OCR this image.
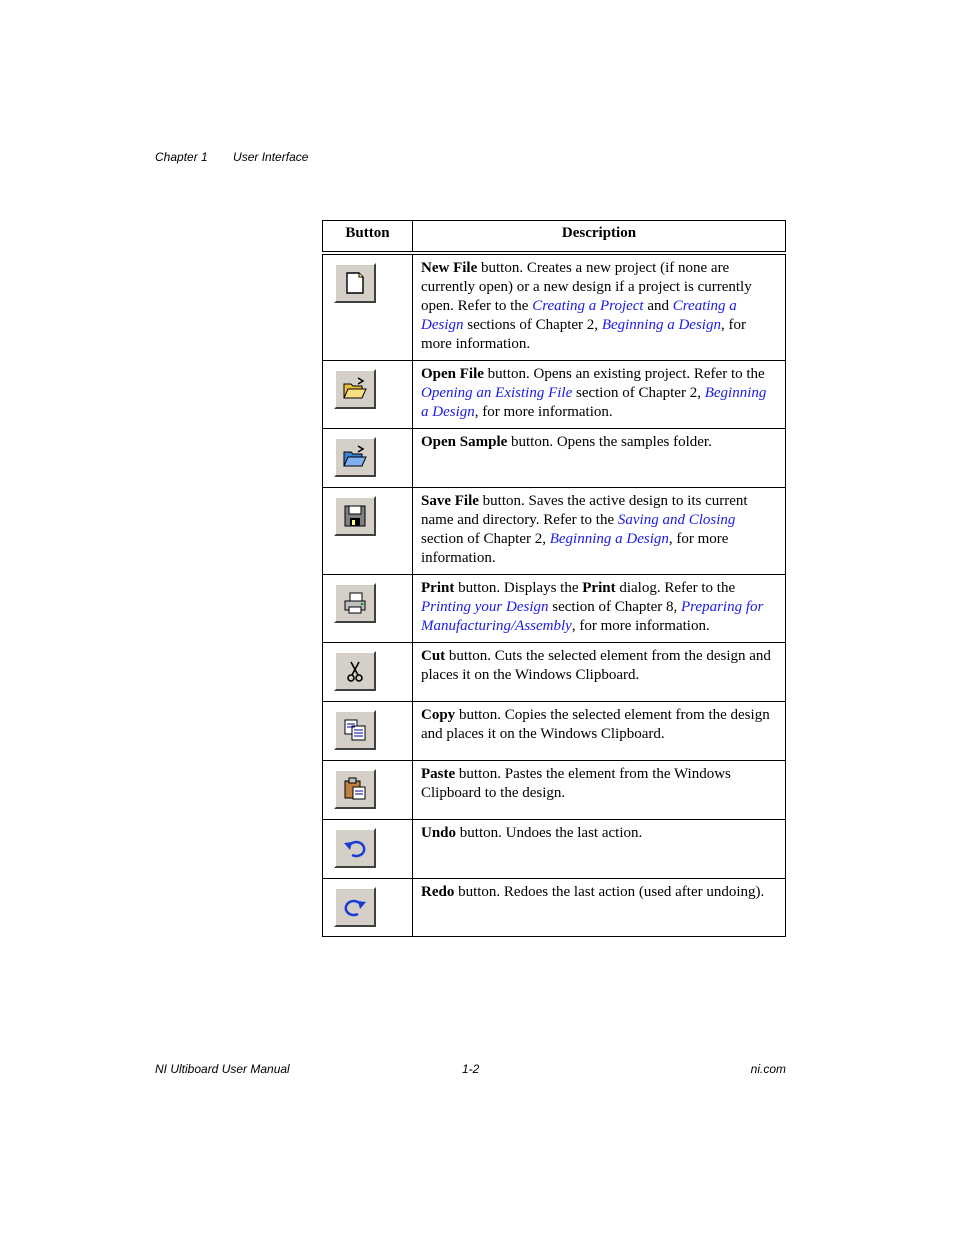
Chapter 1 User Interface
Button	Description

	New File button. Creates a new project (if none are currently open) or a new design if a project is currently open. Refer to the Creating a Project and Creating a Design sections of Chapter 2, Beginning a Design, for more information.

	Open File button. Opens an existing project. Refer to the Opening an Existing File section of Chapter 2, Beginning a Design, for more information.

	Open Sample button. Opens the samples folder.

	Save File button. Saves the active design to its current name and directory. Refer to the Saving and Closing section of Chapter 2, Beginning a Design, for more information.

	Print button. Displays the Print dialog. Refer to the Printing your Design section of Chapter 8, Preparing for Manufacturing/Assembly, for more information.

	Cut button. Cuts the selected element from the design and places it on the Windows Clipboard.

	Copy button. Copies the selected element from the design and places it on the Windows Clipboard.

	Paste button. Pastes the element from the Windows Clipboard to the design.

	Undo button. Undoes the last action.

	Redo button. Redoes the last action (used after undoing).
NI Ultiboard User Manual	1-2	ni.com
